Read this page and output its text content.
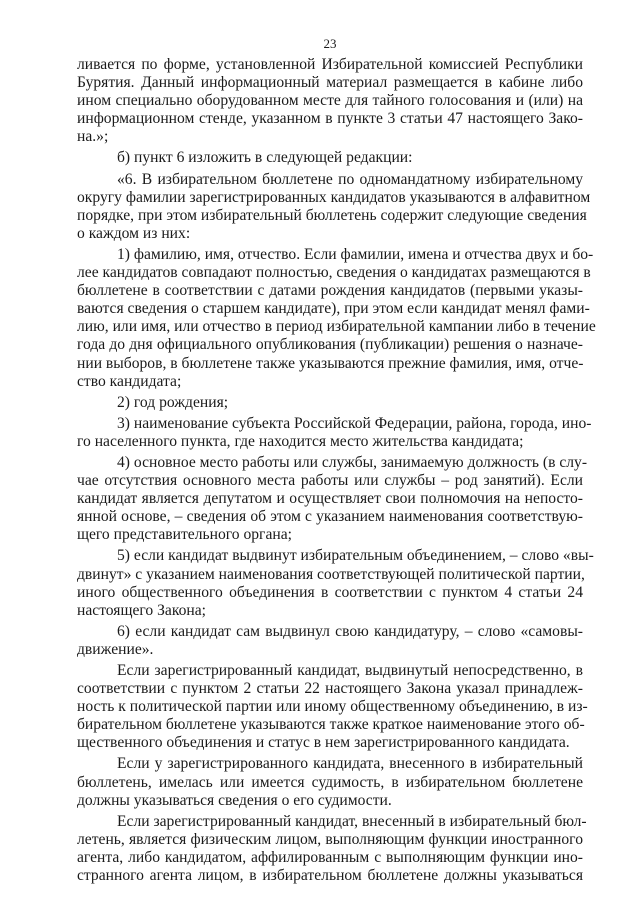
23
ливается по форме, установленной Избирательной комиссией Республики
Бурятия. Данный информационный материал размещается в кабине либо
ином специально оборудованном месте для тайного голосования и (или) на
информационном стенде, указанном в пункте 3 статьи 47 настоящего Зако-
на.»;
б) пункт 6 изложить в следующей редакции:
«6. В избирательном бюллетене по одномандатному избирательному
округу фамилии зарегистрированных кандидатов указываются в алфавитном
порядке, при этом избирательный бюллетень содержит следующие сведения
о каждом из них:
1) фамилию, имя, отчество. Если фамилии, имена и отчества двух и бо-
лее кандидатов совпадают полностью, сведения о кандидатах размещаются в
бюллетене в соответствии с датами рождения кандидатов (первыми указы-
ваются сведения о старшем кандидате), при этом если кандидат менял фами-
лию, или имя, или отчество в период избирательной кампании либо в течение
года до дня официального опубликования (публикации) решения о назначе-
нии выборов, в бюллетене также указываются прежние фамилия, имя, отче-
ство кандидата;
2) год рождения;
3) наименование субъекта Российской Федерации, района, города, ино-
го населенного пункта, где находится место жительства кандидата;
4) основное место работы или службы, занимаемую должность (в слу-
чае отсутствия основного места работы или службы – род занятий). Если
кандидат является депутатом и осуществляет свои полномочия на непосто-
янной основе, – сведения об этом с указанием наименования соответствую-
щего представительного органа;
5) если кандидат выдвинут избирательным объединением, – слово «вы-
двинут» с указанием наименования соответствующей политической партии,
иного общественного объединения в соответствии с пунктом 4 статьи 24
настоящего Закона;
6) если кандидат сам выдвинул свою кандидатуру, – слово «самовы-
движение».
Если зарегистрированный кандидат, выдвинутый непосредственно, в
соответствии с пунктом 2 статьи 22 настоящего Закона указал принадлеж-
ность к политической партии или иному общественному объединению, в из-
бирательном бюллетене указываются также краткое наименование этого об-
щественного объединения и статус в нем зарегистрированного кандидата.
Если у зарегистрированного кандидата, внесенного в избирательный
бюллетень, имелась или имеется судимость, в избирательном бюллетене
должны указываться сведения о его судимости.
Если зарегистрированный кандидат, внесенный в избирательный бюл-
летень, является физическим лицом, выполняющим функции иностранного
агента, либо кандидатом, аффилированным с выполняющим функции ино-
странного агента лицом, в избирательном бюллетене должны указываться
